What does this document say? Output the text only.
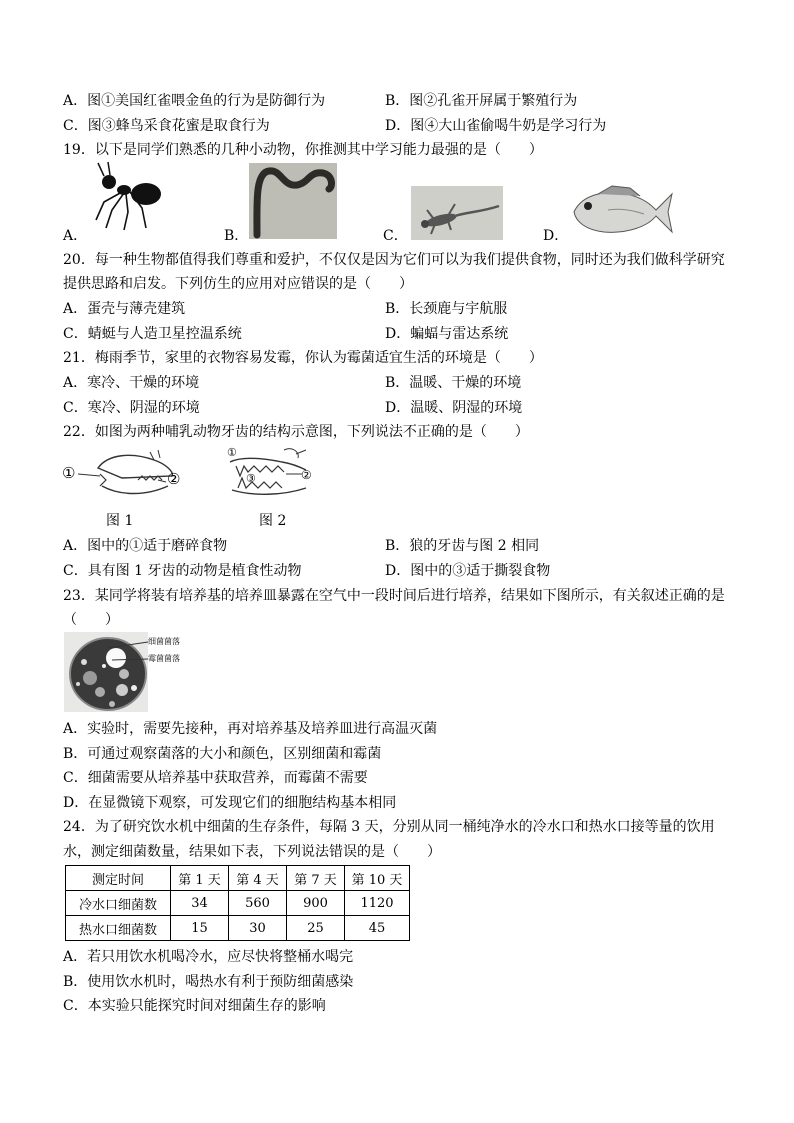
A．图①美国红雀喂金鱼的行为是防御行为	B．图②孔雀开屏属于繁殖行为
C．图③蜂鸟采食花蜜是取食行为	D．图④大山雀偷喝牛奶是学习行为
19．以下是同学们熟悉的几种小动物，你推测其中学习能力最强的是（　　）
A．	B．	C．	D．
20．每一种生物都值得我们尊重和爱护，不仅仅是因为它们可以为我们提供食物，同时还为我们做科学研究
提供思路和启发。下列仿生的应用对应错误的是（　　）
A．蛋壳与薄壳建筑	B．长颈鹿与宇航服
C．蜻蜓与人造卫星控温系统	D．蝙蝠与雷达系统
21．梅雨季节，家里的衣物容易发霉，你认为霉菌适宜生活的环境是（　　）
A．寒冷、干燥的环境	B．温暖、干燥的环境
C．寒冷、阴湿的环境	D．温暖、阴湿的环境
22．如图为两种哺乳动物牙齿的结构示意图，下列说法不正确的是（　　）
①	②
①
③	②
图 1	图 2
A．图中的①适于磨碎食物	B．狼的牙齿与图 2 相同
C．具有图 1 牙齿的动物是植食性动物	D．图中的③适于撕裂食物
23．某同学将装有培养基的培养皿暴露在空气中一段时间后进行培养，结果如下图所示，有关叙述正确的是
（　　）
细菌菌落
霉菌菌落
A．实验时，需要先接种，再对培养基及培养皿进行高温灭菌
B．可通过观察菌落的大小和颜色，区别细菌和霉菌
C．细菌需要从培养基中获取营养，而霉菌不需要
D．在显微镜下观察，可发现它们的细胞结构基本相同
24．为了研究饮水机中细菌的生存条件，每隔 3 天，分别从同一桶纯净水的冷水口和热水口接等量的饮用
水，测定细菌数量，结果如下表，下列说法错误的是（　　）
测定时间	第 1 天	第 4 天	第 7 天	第 10 天
冷水口细菌数	34	560	900	1120
热水口细菌数	15	30	25	45
A．若只用饮水机喝冷水，应尽快将整桶水喝完
B．使用饮水机时，喝热水有利于预防细菌感染
C．本实验只能探究时间对细菌生存的影响
